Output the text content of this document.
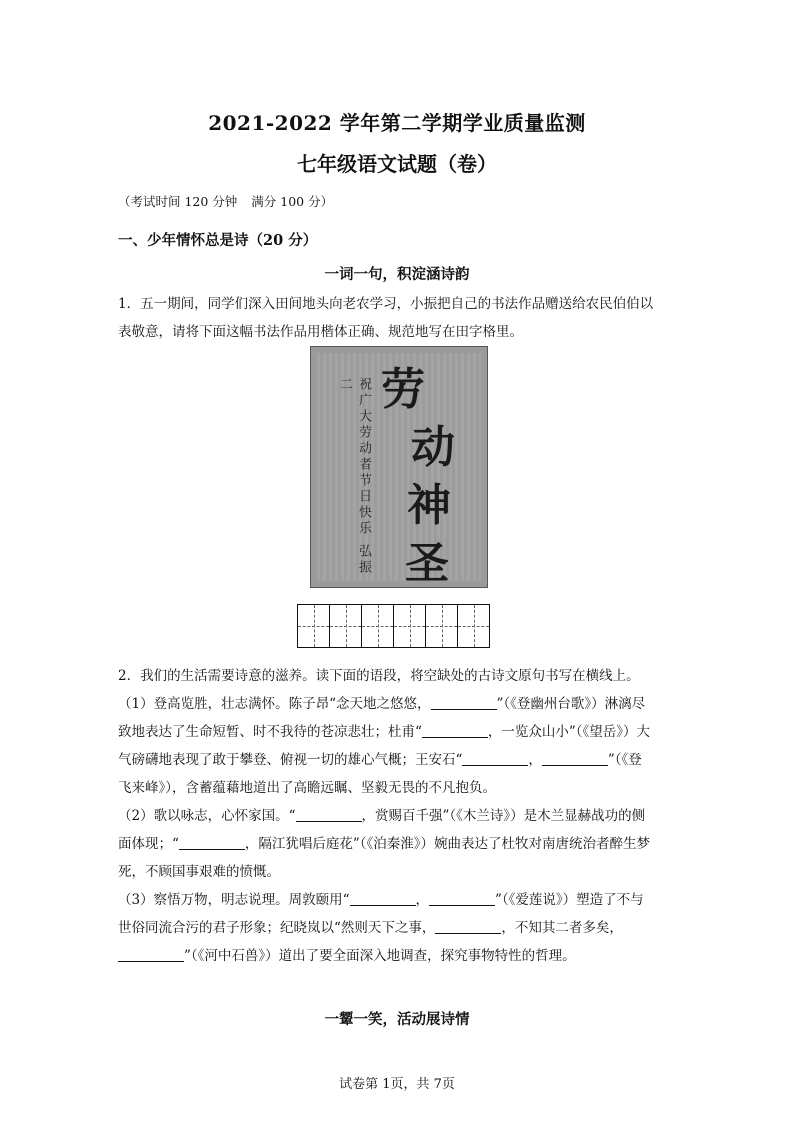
2021-2022 学年第二学期学业质量监测
七年级语文试题（卷）
（考试时间 120 分钟 满分 100 分）
一、少年情怀总是诗（20 分）
一词一句，积淀涵诗韵

1．五一期间，同学们深入田间地头向老农学习，小振把自己的书法作品赠送给农民伯伯以

表敬意，请将下面这幅书法作品用楷体正确、规范地写在田字格里。

劳
动
神
圣
祝广大劳动者节日快乐 弘振二

2．我们的生活需要诗意的滋养。读下面的语段，将空缺处的古诗文原句书写在横线上。

（1）登高览胜，壮志满怀。陈子昂“念天地之悠悠，	”（《登幽州台歌》）淋漓尽

致地表达了生命短暂、时不我待的苍凉悲壮；杜甫“	，一览众山小”（《望岳》）大

气磅礴地表现了敢于攀登、俯视一切的雄心气概；王安石“	，	”（《登

飞来峰》），含蓄蕴藉地道出了高瞻远瞩、坚毅无畏的不凡抱负。

（2）歌以咏志，心怀家国。“	，赏赐百千强”（《木兰诗》）是木兰显赫战功的侧

面体现；“	，隔江犹唱后庭花”（《泊秦淮》）婉曲表达了杜牧对南唐统治者醉生梦

死，不顾国事艰难的愤慨。

（3）察悟万物，明志说理。周敦颐用“	，	”（《爱莲说》）塑造了不与

世俗同流合污的君子形象；纪晓岚以“然则天下之事，	，不知其二者多矣，

”（《河中石兽》）道出了要全面深入地调查，探究事物特性的哲理。

一颦一笑，活动展诗情
试卷第 1页，共 7页
